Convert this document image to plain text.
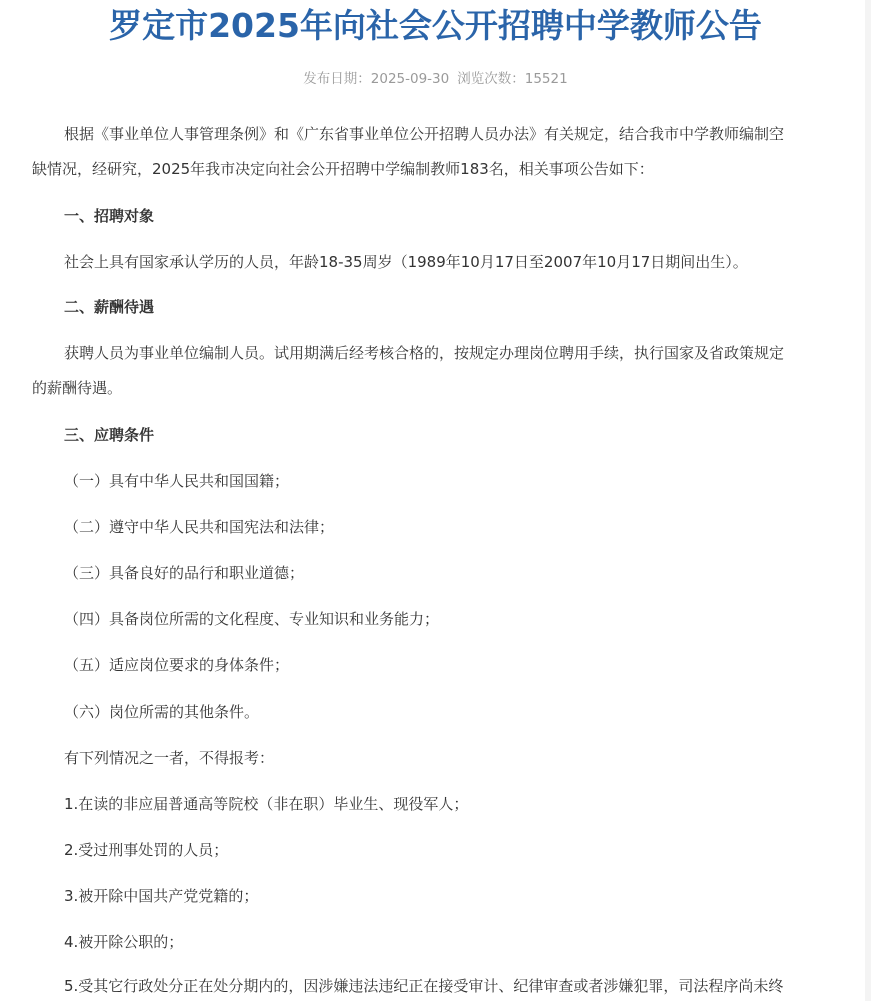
罗定市2025年向社会公开招聘中学教师公告
发布日期：2025-09-30 浏览次数：15521

根据《事业单位人事管理条例》和《广东省事业单位公开招聘人员办法》有关规定，结合我市中学教师编制空

缺情况，经研究，2025年我市决定向社会公开招聘中学编制教师183名，相关事项公告如下：

一、招聘对象

社会上具有国家承认学历的人员，年龄18-35周岁（1989年10月17日至2007年10月17日期间出生）。

二、薪酬待遇

获聘人员为事业单位编制人员。试用期满后经考核合格的，按规定办理岗位聘用手续，执行国家及省政策规定

的薪酬待遇。

三、应聘条件

（一）具有中华人民共和国国籍；

（二）遵守中华人民共和国宪法和法律；

（三）具备良好的品行和职业道德；

（四）具备岗位所需的文化程度、专业知识和业务能力；

（五）适应岗位要求的身体条件；

（六）岗位所需的其他条件。

有下列情况之一者，不得报考：

1.在读的非应届普通高等院校（非在职）毕业生、现役军人；

2.受过刑事处罚的人员；

3.被开除中国共产党党籍的；

4.被开除公职的；

5.受其它行政处分正在处分期内的，因涉嫌违法违纪正在接受审计、纪律审查或者涉嫌犯罪，司法程序尚未终
